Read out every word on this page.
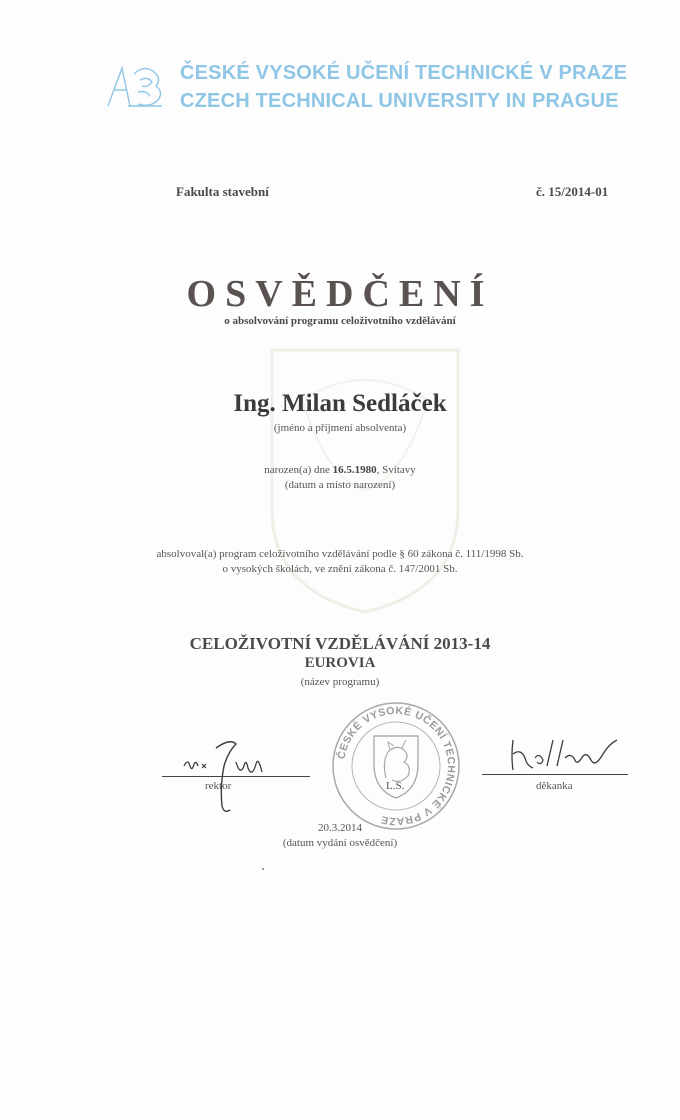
ČESKÉ VYSOKÉ UČENÍ TECHNICKÉ V PRAZE
CZECH TECHNICAL UNIVERSITY IN PRAGUE
Fakulta stavební	č. 15/2014-01
OSVĚDČENÍ
o absolvování programu celoživotního vzdělávání
Ing. Milan Sedláček
(jméno a příjmení absolventa)
narozen(a) dne 16.5.1980, Svitavy
(datum a místo narození)
absolvoval(a) program celoživotního vzdělávání podle § 60 zákona č. 111/1998 Sb.
o vysokých školách, ve znění zákona č. 147/2001 Sb.
CELOŽIVOTNÍ VZDĚLÁVÁNÍ 2013-14
EUROVIA
(název programu)
ČESKÉ VYSOKÉ UČENÍ TECHNICKÉ V PRAZE
rektor	L.S.	děkanka
20.3.2014
(datum vydání osvědčení)
